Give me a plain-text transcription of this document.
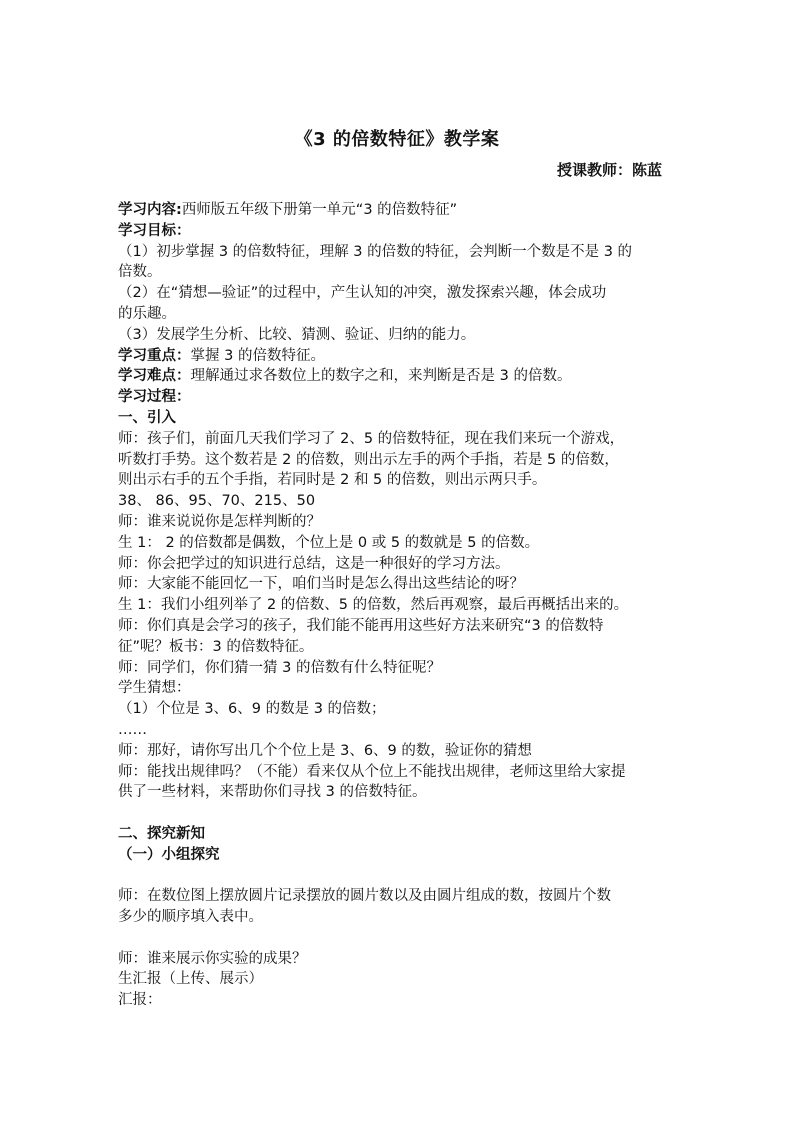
《3 的倍数特征》教学案
授课教师：陈蓝
学习内容:西师版五年级下册第一单元“3 的倍数特征”
学习目标：
（1）初步掌握 3 的倍数特征，理解 3 的倍数的特征，会判断一个数是不是 3 的
倍数。
（2）在“猜想—验证”的过程中，产生认知的冲突，激发探索兴趣，体会成功
的乐趣。
（3）发展学生分析、比较、猜测、验证、归纳的能力。
学习重点：掌握 3 的倍数特征。
学习难点：理解通过求各数位上的数字之和，来判断是否是 3 的倍数。
学习过程：
一、引入
师：孩子们，前面几天我们学习了 2、5 的倍数特征，现在我们来玩一个游戏，
听数打手势。这个数若是 2 的倍数，则出示左手的两个手指，若是 5 的倍数，
则出示右手的五个手指，若同时是 2 和 5 的倍数，则出示两只手。
38、 86、95、70、215、50
师：谁来说说你是怎样判断的？
生 1： 2 的倍数都是偶数，个位上是 0 或 5 的数就是 5 的倍数。
师：你会把学过的知识进行总结，这是一种很好的学习方法。
师：大家能不能回忆一下，咱们当时是怎么得出这些结论的呀？
生 1：我们小组列举了 2 的倍数、5 的倍数，然后再观察，最后再概括出来的。
师：你们真是会学习的孩子，我们能不能再用这些好方法来研究“3 的倍数特
征”呢？板书：3 的倍数特征。
师：同学们，你们猜一猜 3 的倍数有什么特征呢？
学生猜想：
（1）个位是 3、6、9 的数是 3 的倍数；
……
师：那好，请你写出几个个位上是 3、6、9 的数，验证你的猜想
师：能找出规律吗？（不能）看来仅从个位上不能找出规律，老师这里给大家提
供了一些材料，来帮助你们寻找 3 的倍数特征。
二、探究新知
（一）小组探究
师：在数位图上摆放圆片记录摆放的圆片数以及由圆片组成的数，按圆片个数
多少的顺序填入表中。
师：谁来展示你实验的成果？
生汇报（上传、展示）
汇报：
